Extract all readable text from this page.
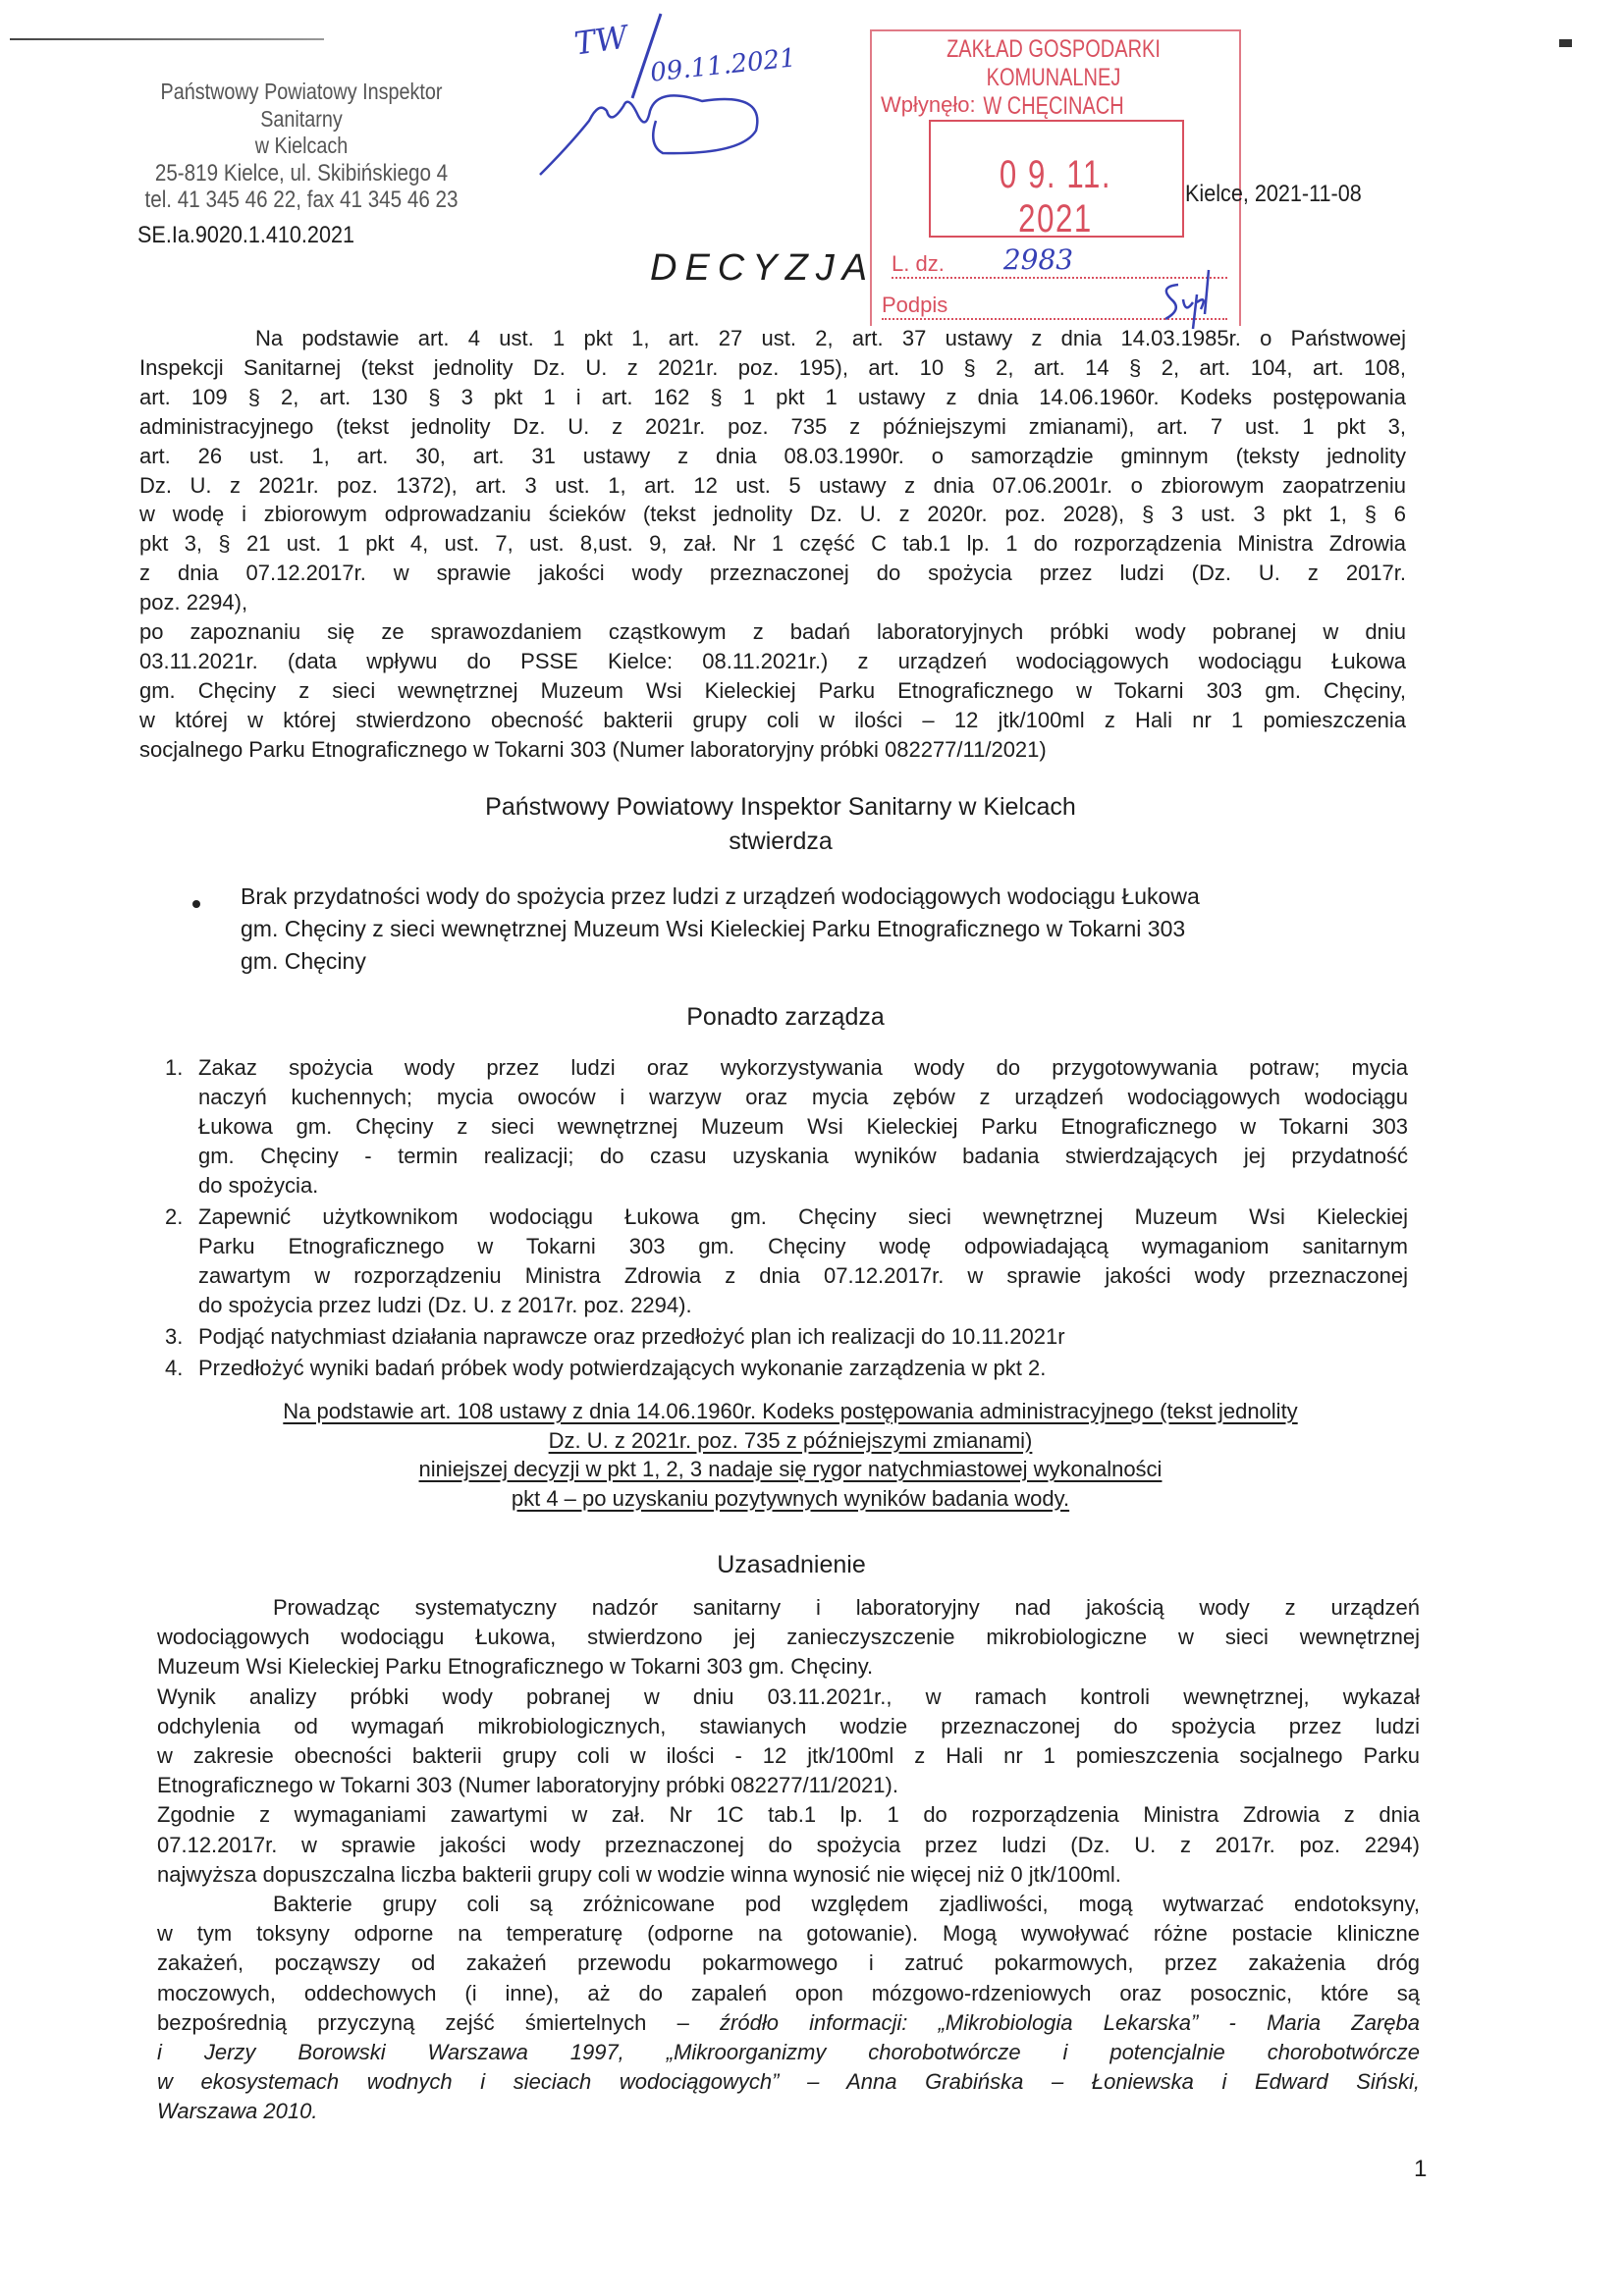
Państwowy Powiatowy Inspektor Sanitarny
w Kielcach
25-819 Kielce, ul. Skibińskiego 4
tel. 41 345 46 22, fax 41 345 46 23
SE.Ia.9020.1.410.2021
TW
09.11.2021	ZAKŁAD GOSPODARKI KOMUNALNEJ
W CHĘCINACH
Wpłynęło:
0 9. 11. 2021
L. dz. 2983
Podpis
Kielce, 2021-11-08
DECYZJA
Na podstawie art. 4 ust. 1 pkt 1, art. 27 ust. 2, art. 37 ustawy z dnia 14.03.1985r. o Państwowej
Inspekcji Sanitarnej (tekst jednolity Dz. U. z 2021r. poz. 195), art. 10 § 2, art. 14 § 2, art. 104, art. 108,
art. 109 § 2, art. 130 § 3 pkt 1 i art. 162 § 1 pkt 1 ustawy z dnia 14.06.1960r. Kodeks postępowania
administracyjnego (tekst jednolity Dz. U. z 2021r. poz. 735 z późniejszymi zmianami), art. 7 ust. 1 pkt 3,
art. 26 ust. 1, art. 30, art. 31 ustawy z dnia 08.03.1990r. o samorządzie gminnym (teksty jednolity
Dz. U. z 2021r. poz. 1372), art. 3 ust. 1, art. 12 ust. 5 ustawy z dnia 07.06.2001r. o zbiorowym zaopatrzeniu
w wodę i zbiorowym odprowadzaniu ścieków (tekst jednolity Dz. U. z 2020r. poz. 2028), § 3 ust. 3 pkt 1, § 6
pkt 3, § 21 ust. 1 pkt 4, ust. 7, ust. 8,ust. 9, zał. Nr 1 część C tab.1 lp. 1 do rozporządzenia Ministra Zdrowia
z dnia 07.12.2017r. w sprawie jakości wody przeznaczonej do spożycia przez ludzi (Dz. U. z 2017r.
poz. 2294),
po zapoznaniu się ze sprawozdaniem cząstkowym z badań laboratoryjnych próbki wody pobranej w dniu
03.11.2021r. (data wpływu do PSSE Kielce: 08.11.2021r.) z urządzeń wodociągowych wodociągu Łukowa
gm. Chęciny z sieci wewnętrznej Muzeum Wsi Kieleckiej Parku Etnograficznego w Tokarni 303 gm. Chęciny,
w której w której stwierdzono obecność bakterii grupy coli w ilości – 12 jtk/100ml z Hali nr 1 pomieszczenia
socjalnego Parku Etnograficznego w Tokarni 303 (Numer laboratoryjny próbki 082277/11/2021)
Państwowy Powiatowy Inspektor Sanitarny w Kielcach
stwierdza
Brak przydatności wody do spożycia przez ludzi z urządzeń wodociągowych wodociągu Łukowa
gm. Chęciny z sieci wewnętrznej Muzeum Wsi Kieleckiej Parku Etnograficznego w Tokarni 303
gm. Chęciny
Ponadto zarządza
1. Zakaz spożycia wody przez ludzi oraz wykorzystywania wody do przygotowywania potraw; mycia
naczyń kuchennych; mycia owoców i warzyw oraz mycia zębów z urządzeń wodociągowych wodociągu
Łukowa gm. Chęciny z sieci wewnętrznej Muzeum Wsi Kieleckiej Parku Etnograficznego w Tokarni 303
gm. Chęciny - termin realizacji; do czasu uzyskania wyników badania stwierdzających jej przydatność
do spożycia.
2. Zapewnić użytkownikom wodociągu Łukowa gm. Chęciny sieci wewnętrznej Muzeum Wsi Kieleckiej
Parku Etnograficznego w Tokarni 303 gm. Chęciny wodę odpowiadającą wymaganiom sanitarnym
zawartym w rozporządzeniu Ministra Zdrowia z dnia 07.12.2017r. w sprawie jakości wody przeznaczonej
do spożycia przez ludzi (Dz. U. z 2017r. poz. 2294).
3. Podjąć natychmiast działania naprawcze oraz przedłożyć plan ich realizacji do 10.11.2021r
4. Przedłożyć wyniki badań próbek wody potwierdzających wykonanie zarządzenia w pkt 2.
Na podstawie art. 108 ustawy z dnia 14.06.1960r. Kodeks postępowania administracyjnego (tekst jednolity
Dz. U. z 2021r. poz. 735 z późniejszymi zmianami)
niniejszej decyzji w pkt 1, 2, 3 nadaje się rygor natychmiastowej wykonalności
pkt 4 – po uzyskaniu pozytywnych wyników badania wody.
Uzasadnienie
Prowadząc systematyczny nadzór sanitarny i laboratoryjny nad jakością wody z urządzeń
wodociągowych wodociągu Łukowa, stwierdzono jej zanieczyszczenie mikrobiologiczne w sieci wewnętrznej
Muzeum Wsi Kieleckiej Parku Etnograficznego w Tokarni 303 gm. Chęciny.
Wynik analizy próbki wody pobranej w dniu 03.11.2021r., w ramach kontroli wewnętrznej, wykazał
odchylenia od wymagań mikrobiologicznych, stawianych wodzie przeznaczonej do spożycia przez ludzi
w zakresie obecności bakterii grupy coli w ilości - 12 jtk/100ml z Hali nr 1 pomieszczenia socjalnego Parku
Etnograficznego w Tokarni 303 (Numer laboratoryjny próbki 082277/11/2021).
Zgodnie z wymaganiami zawartymi w zał. Nr 1C tab.1 lp. 1 do rozporządzenia Ministra Zdrowia z dnia
07.12.2017r. w sprawie jakości wody przeznaczonej do spożycia przez ludzi (Dz. U. z 2017r. poz. 2294)
najwyższa dopuszczalna liczba bakterii grupy coli w wodzie winna wynosić nie więcej niż 0 jtk/100ml.
Bakterie grupy coli są zróżnicowane pod względem zjadliwości, mogą wytwarzać endotoksyny,
w tym toksyny odporne na temperaturę (odporne na gotowanie). Mogą wywoływać różne postacie kliniczne
zakażeń, począwszy od zakażeń przewodu pokarmowego i zatruć pokarmowych, przez zakażenia dróg
moczowych, oddechowych (i inne), aż do zapaleń opon mózgowo-rdzeniowych oraz posocznic, które są
bezpośrednią przyczyną zejść śmiertelnych – źródło informacji: „Mikrobiologia Lekarska” - Maria Zaręba
i Jerzy Borowski Warszawa 1997, „Mikroorganizmy chorobotwórcze i potencjalnie chorobotwórcze
w ekosystemach wodnych i sieciach wodociągowych” – Anna Grabińska – Łoniewska i Edward Siński,
Warszawa 2010.
1
